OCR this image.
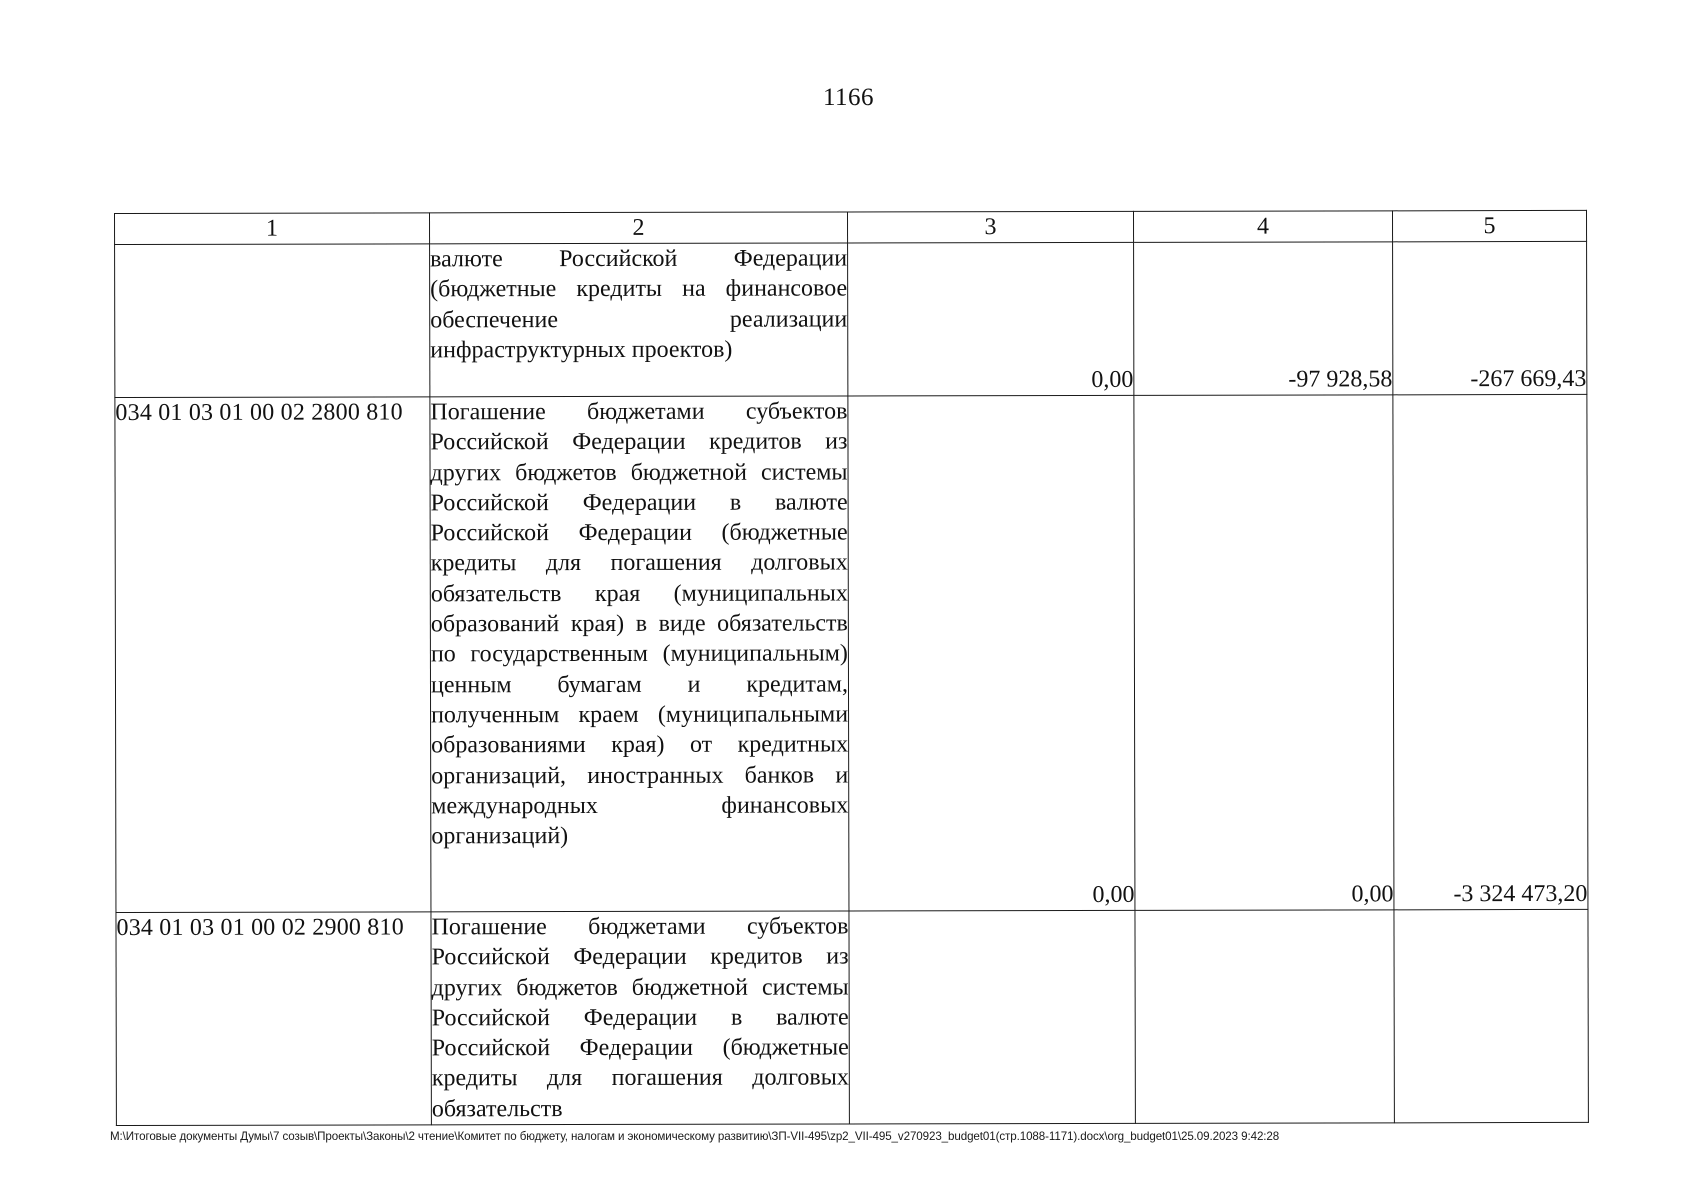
1166
1	2	3	4	5
	валюте Российской Федерации (бюджетные кредиты на финансовое обеспечение реализации инфраструктурных проектов)	0,00	-97 928,58	-267 669,43
034 01 03 01 00 02 2800 810	Погашение бюджетами субъектов Российской Федерации кредитов из других бюджетов бюджетной системы Российской Федерации в валюте Российской Федерации (бюджетные кредиты для погашения долговых обязательств края (муниципальных образований края) в виде обязательств по государственным (муниципальным) ценным бумагам и кредитам, полученным краем (муниципальными образованиями края) от кредитных организаций, иностранных банков и международных финансовых организаций)	0,00	0,00	-3 324 473,20
034 01 03 01 00 02 2900 810	Погашение бюджетами субъектов Российской Федерации кредитов из других бюджетов бюджетной системы Российской Федерации в валюте Российской Федерации (бюджетные кредиты для погашения долговых обязательств			
M:\Итоговые документы Думы\7 созыв\Проекты\Законы\2 чтение\Комитет по бюджету, налогам и экономическому развитию\ЗП-VII-495\zp2_VII-495_v270923_budget01(стр.1088-1171).docx\org_budget01\25.09.2023 9:42:28
